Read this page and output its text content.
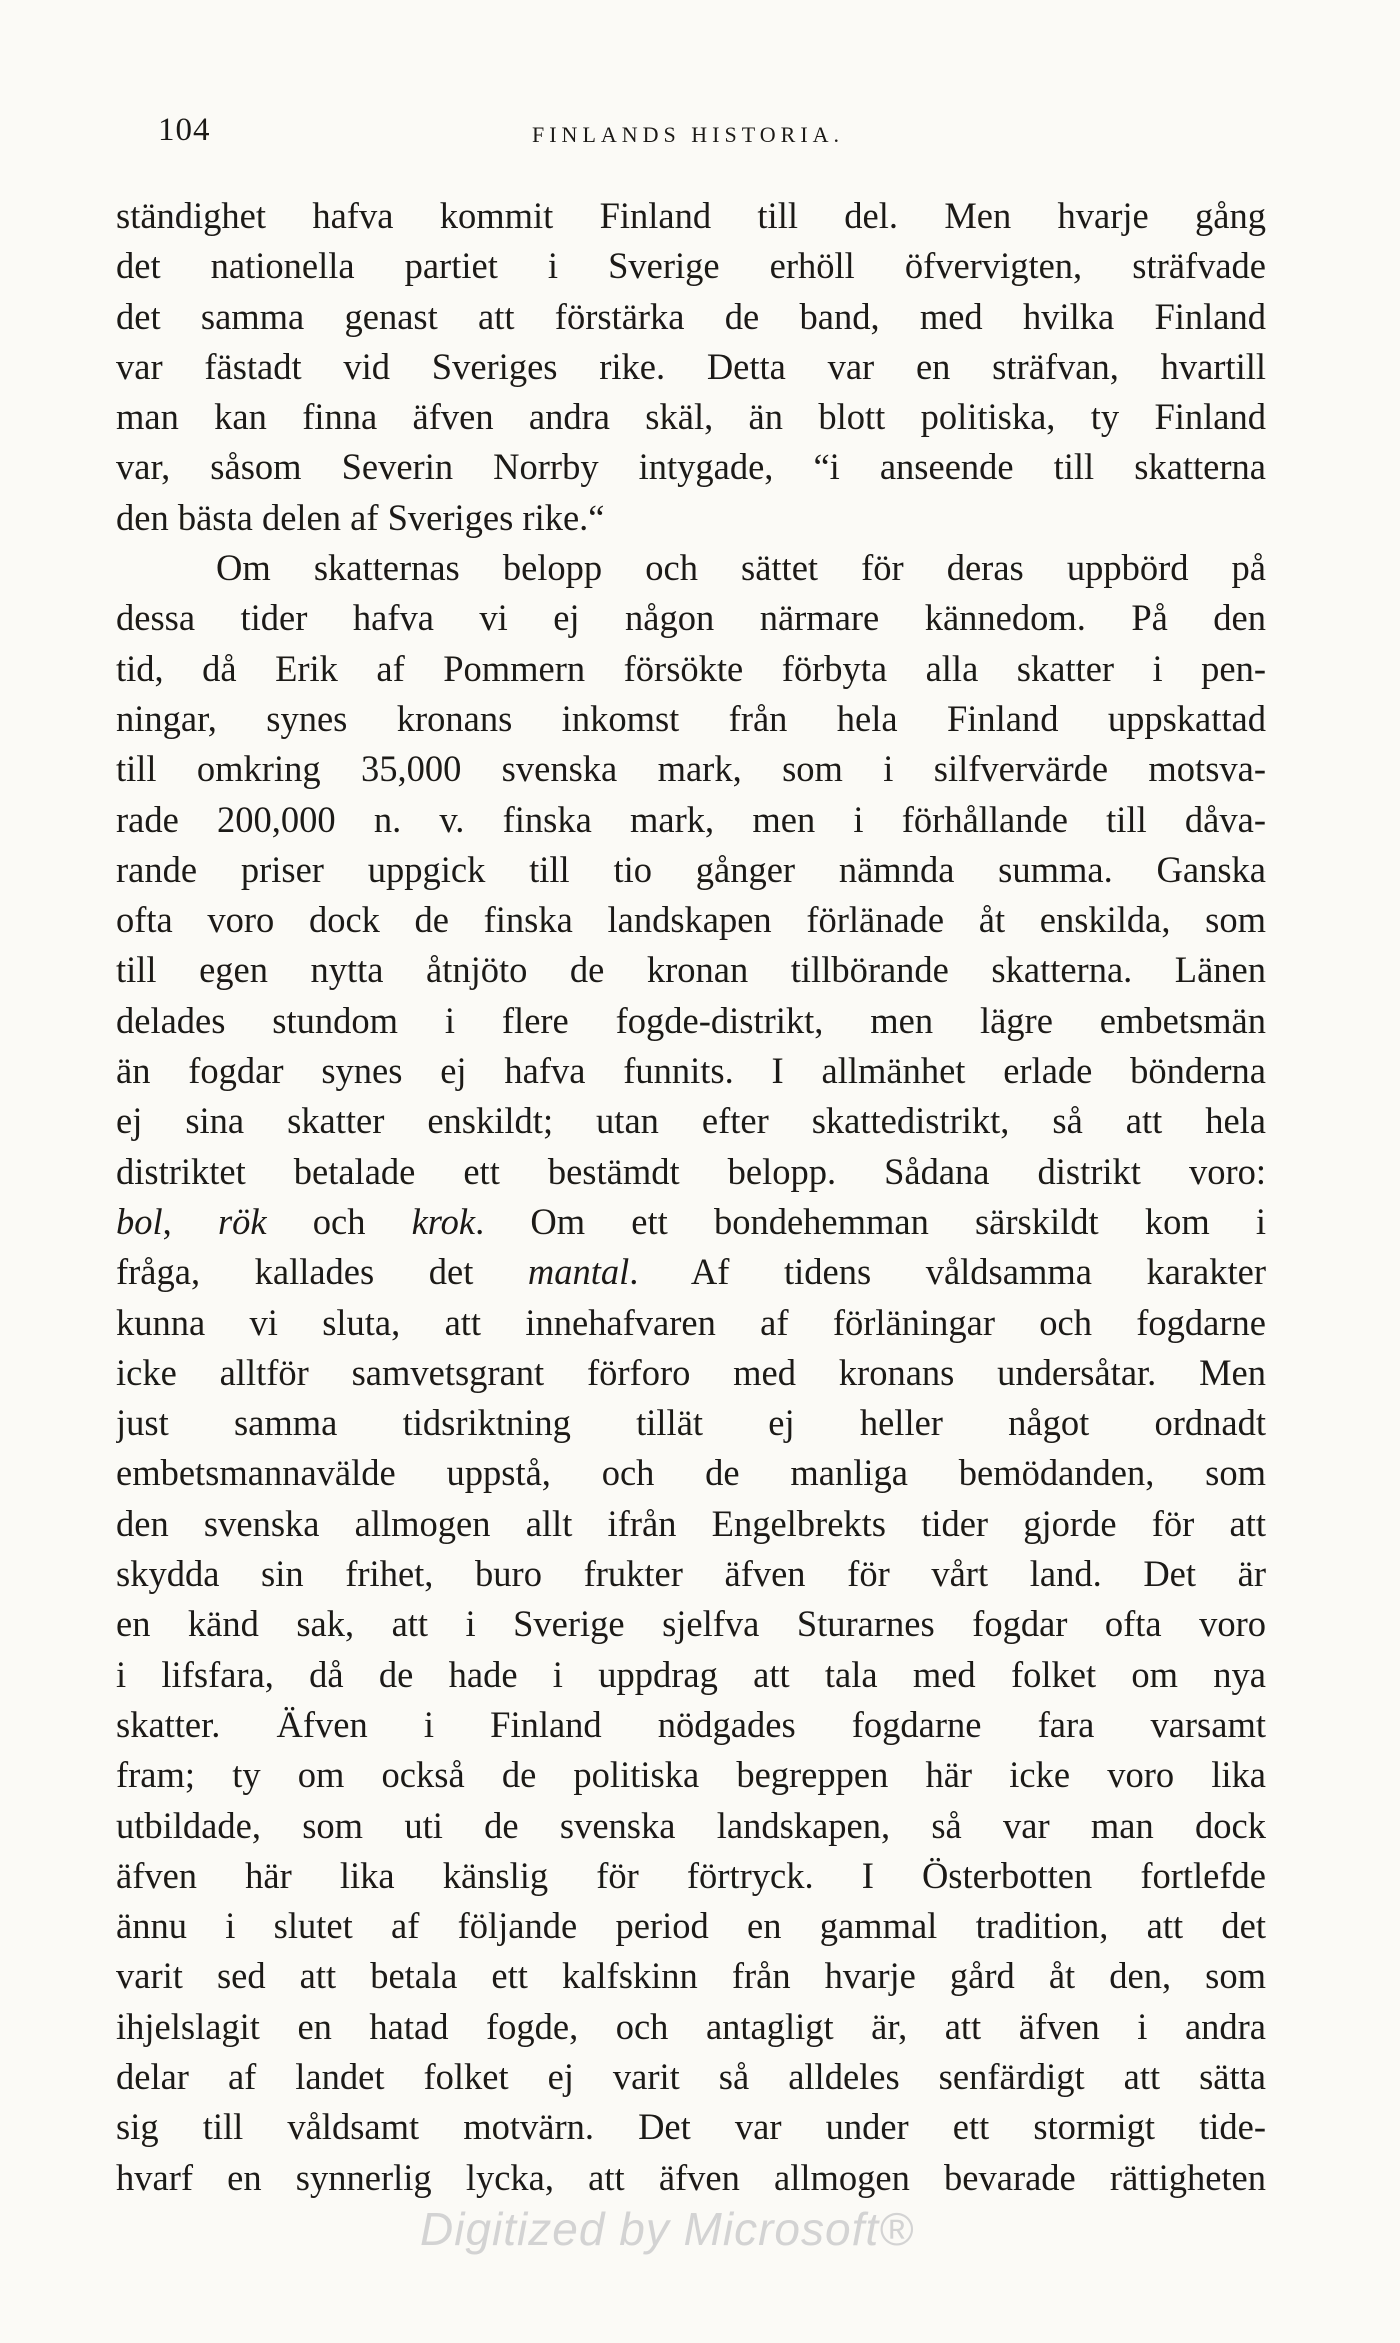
104	FINLANDS HISTORIA.
ständighet hafva kommit Finland till del. Men hvarje gång
det nationella partiet i Sverige erhöll öfvervigten, sträfvade
det samma genast att förstärka de band, med hvilka Finland
var fästadt vid Sveriges rike. Detta var en sträfvan, hvartill
man kan finna äfven andra skäl, än blott politiska, ty Finland
var, såsom Severin Norrby intygade, “i anseende till skatterna
den bästa delen af Sveriges rike.“
Om skatternas belopp och sättet för deras uppbörd på
dessa tider hafva vi ej någon närmare kännedom. På den
tid, då Erik af Pommern försökte förbyta alla skatter i pen-
ningar, synes kronans inkomst från hela Finland uppskattad
till omkring 35,000 svenska mark, som i silfvervärde motsva-
rade 200,000 n. v. finska mark, men i förhållande till dåva-
rande priser uppgick till tio gånger nämnda summa. Ganska
ofta voro dock de finska landskapen förlänade åt enskilda, som
till egen nytta åtnjöto de kronan tillbörande skatterna. Länen
delades stundom i flere fogde-distrikt, men lägre embetsmän
än fogdar synes ej hafva funnits. I allmänhet erlade bönderna
ej sina skatter enskildt; utan efter skattedistrikt, så att hela
distriktet betalade ett bestämdt belopp. Sådana distrikt voro:
bol, rök och krok. Om ett bondehemman särskildt kom i
fråga, kallades det mantal. Af tidens våldsamma karakter
kunna vi sluta, att innehafvaren af förläningar och fogdarne
icke alltför samvetsgrant förforo med kronans undersåtar. Men
just samma tidsriktning tillät ej heller något ordnadt
embetsmannavälde uppstå, och de manliga bemödanden, som
den svenska allmogen allt ifrån Engelbrekts tider gjorde för att
skydda sin frihet, buro frukter äfven för vårt land. Det är
en känd sak, att i Sverige sjelfva Sturarnes fogdar ofta voro
i lifsfara, då de hade i uppdrag att tala med folket om nya
skatter. Äfven i Finland nödgades fogdarne fara varsamt
fram; ty om också de politiska begreppen här icke voro lika
utbildade, som uti de svenska landskapen, så var man dock
äfven här lika känslig för förtryck. I Österbotten fortlefde
ännu i slutet af följande period en gammal tradition, att det
varit sed att betala ett kalfskinn från hvarje gård åt den, som
ihjelslagit en hatad fogde, och antagligt är, att äfven i andra
delar af landet folket ej varit så alldeles senfärdigt att sätta
sig till våldsamt motvärn. Det var under ett stormigt tide-
hvarf en synnerlig lycka, att äfven allmogen bevarade rättigheten
Digitized by Microsoft®
